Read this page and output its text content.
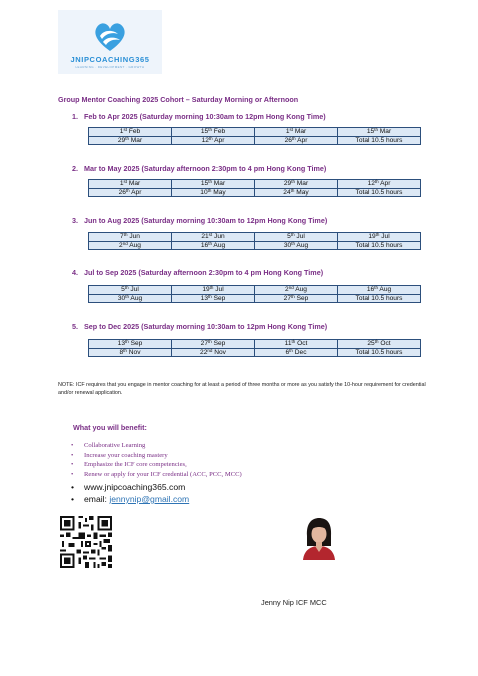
JNIPCOACHING365
LEARNING . DEVELOPMENT . GROWTH
Group Mentor Coaching 2025 Cohort – Saturday Morning or Afternoon
1. Feb to Apr 2025 (Saturday morning 10:30am to 12pm Hong Kong Time)
1st Feb	15th Feb	1st Mar	15th Mar
29th Mar	12th Apr	26th Apr	Total 10.5 hours
2. Mar to May 2025 (Saturday afternoon 2:30pm to 4 pm Hong Kong Time)
1st Mar	15th Mar	29th Mar	12th Apr
26th Apr	10th May	24th May	Total 10.5 hours
3. Jun to Aug 2025 (Saturday morning 10:30am to 12pm Hong Kong Time)
7th Jun	21st Jun	5th Jul	19th Jul
2nd Aug	16th Aug	30th Aug	Total 10.5 hours
4. Jul to Sep 2025 (Saturday afternoon 2:30pm to 4 pm Hong Kong Time)
5th Jul	19th Jul	2nd Aug	16th Aug
30th Aug	13th Sep	27th Sep	Total 10.5 hours
5. Sep to Dec 2025 (Saturday morning 10:30am to 12pm Hong Kong Time)
13th Sep	27th Sep	11th Oct	25th Oct
8th Nov	22nd Nov	6th Dec	Total 10.5 hours
NOTE: ICF requires that you engage in mentor coaching for at least a period of three months or more as you satisfy the 10-hour requirement for credential and/or renewal application.
What you will benefit:
• Collaborative Learning
• Increase your coaching mastery
• Emphasize the ICF core competencies,
• Renew or apply for your ICF credential (ACC, PCC, MCC)
• www.jnipcoaching365.com
• email: jennynip@gmail.com
Jenny Nip ICF MCC
